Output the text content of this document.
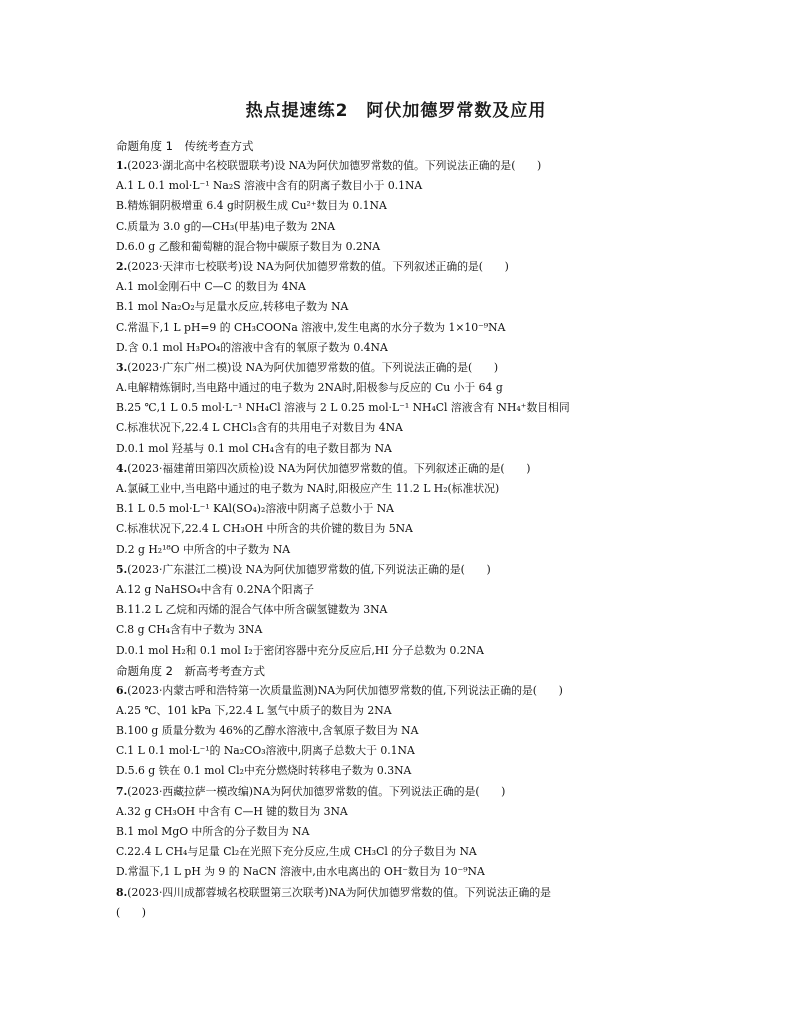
热点提速练2　阿伏加德罗常数及应用
命题角度 1　传统考查方式
1.(2023·湖北高中名校联盟联考)设 NA为阿伏加德罗常数的值。下列说法正确的是(　　)
A.1 L 0.1 mol·L⁻¹ Na₂S 溶液中含有的阴离子数目小于 0.1NA
B.精炼铜阴极增重 6.4 g时阴极生成 Cu²⁺数目为 0.1NA
C.质量为 3.0 g的—CH₃(甲基)电子数为 2NA
D.6.0 g 乙酸和葡萄糖的混合物中碳原子数目为 0.2NA
2.(2023·天津市七校联考)设 NA为阿伏加德罗常数的值。下列叙述正确的是(　　)
A.1 mol金刚石中 C—C 的数目为 4NA
B.1 mol Na₂O₂与足量水反应,转移电子数为 NA
C.常温下,1 L pH=9 的 CH₃COONa 溶液中,发生电离的水分子数为 1×10⁻⁹NA
D.含 0.1 mol H₃PO₄的溶液中含有的氧原子数为 0.4NA
3.(2023·广东广州二模)设 NA为阿伏加德罗常数的值。下列说法正确的是(　　)
A.电解精炼铜时,当电路中通过的电子数为 2NA时,阳极参与反应的 Cu 小于 64 g
B.25 ℃,1 L 0.5 mol·L⁻¹ NH₄Cl 溶液与 2 L 0.25 mol·L⁻¹ NH₄Cl 溶液含有 NH₄⁺数目相同
C.标准状况下,22.4 L CHCl₃含有的共用电子对数目为 4NA
D.0.1 mol 羟基与 0.1 mol CH₄含有的电子数目都为 NA
4.(2023·福建莆田第四次质检)设 NA为阿伏加德罗常数的值。下列叙述正确的是(　　)
A.氯碱工业中,当电路中通过的电子数为 NA时,阳极应产生 11.2 L H₂(标准状况)
B.1 L 0.5 mol·L⁻¹ KAl(SO₄)₂溶液中阴离子总数小于 NA
C.标准状况下,22.4 L CH₃OH 中所含的共价键的数目为 5NA
D.2 g H₂¹⁸O 中所含的中子数为 NA
5.(2023·广东湛江二模)设 NA为阿伏加德罗常数的值,下列说法正确的是(　　)
A.12 g NaHSO₄中含有 0.2NA个阳离子
B.11.2 L 乙烷和丙烯的混合气体中所含碳氢键数为 3NA
C.8 g CH₄含有中子数为 3NA
D.0.1 mol H₂和 0.1 mol I₂于密闭容器中充分反应后,HI 分子总数为 0.2NA
命题角度 2　新高考考查方式
6.(2023·内蒙古呼和浩特第一次质量监测)NA为阿伏加德罗常数的值,下列说法正确的是(　　)
A.25 ℃、101 kPa 下,22.4 L 氢气中质子的数目为 2NA
B.100 g 质量分数为 46%的乙醇水溶液中,含氧原子数目为 NA
C.1 L 0.1 mol·L⁻¹的 Na₂CO₃溶液中,阴离子总数大于 0.1NA
D.5.6 g 铁在 0.1 mol Cl₂中充分燃烧时转移电子数为 0.3NA
7.(2023·西藏拉萨一模改编)NA为阿伏加德罗常数的值。下列说法正确的是(　　)
A.32 g CH₃OH 中含有 C—H 键的数目为 3NA
B.1 mol MgO 中所含的分子数目为 NA
C.22.4 L CH₄与足量 Cl₂在光照下充分反应,生成 CH₃Cl 的分子数目为 NA
D.常温下,1 L pH 为 9 的 NaCN 溶液中,由水电离出的 OH⁻数目为 10⁻⁹NA
8.(2023·四川成都蓉城名校联盟第三次联考)NA为阿伏加德罗常数的值。下列说法正确的是
(　　)
